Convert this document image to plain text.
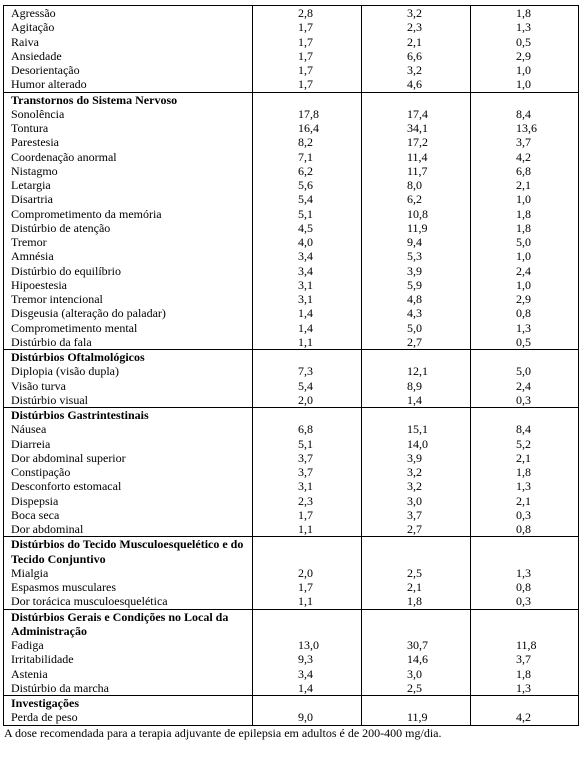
Agressão	2,8	3,2	1,8
Agitação	1,7	2,3	1,3
Raiva	1,7	2,1	0,5
Ansiedade	1,7	6,6	2,9
Desorientação	1,7	3,2	1,0
Humor alterado	1,7	4,6	1,0
Transtornos do Sistema Nervoso			
Sonolência	17,8	17,4	8,4
Tontura	16,4	34,1	13,6
Parestesia	8,2	17,2	3,7
Coordenação anormal	7,1	11,4	4,2
Nistagmo	6,2	11,7	6,8
Letargia	5,6	8,0	2,1
Disartria	5,4	6,2	1,0
Comprometimento da memória	5,1	10,8	1,8
Distúrbio de atenção	4,5	11,9	1,8
Tremor	4,0	9,4	5,0
Amnésia	3,4	5,3	1,0
Distúrbio do equilíbrio	3,4	3,9	2,4
Hipoestesia	3,1	5,9	1,0
Tremor intencional	3,1	4,8	2,9
Disgeusia (alteração do paladar)	1,4	4,3	0,8
Comprometimento mental	1,4	5,0	1,3
Distúrbio da fala	1,1	2,7	0,5
Distúrbios Oftalmológicos			
Diplopia (visão dupla)	7,3	12,1	5,0
Visão turva	5,4	8,9	2,4
Distúrbio visual	2,0	1,4	0,3
Distúrbios Gastrintestinais			
Náusea	6,8	15,1	8,4
Diarreia	5,1	14,0	5,2
Dor abdominal superior	3,7	3,9	2,1
Constipação	3,7	3,2	1,8
Desconforto estomacal	3,1	3,2	1,3
Dispepsia	2,3	3,0	2,1
Boca seca	1,7	3,7	0,3
Dor abdominal	1,1	2,7	0,8
Distúrbios do Tecido Musculoesquelético e do Tecido Conjuntivo			
Mialgia	2,0	2,5	1,3
Espasmos musculares	1,7	2,1	0,8
Dor torácica musculoesquelética	1,1	1,8	0,3
Distúrbios Gerais e Condições no Local da Administração			
Fadiga	13,0	30,7	11,8
Irritabilidade	9,3	14,6	3,7
Astenia	3,4	3,0	1,8
Distúrbio da marcha	1,4	2,5	1,3
Investigações			
Perda de peso	9,0	11,9	4,2
A dose recomendada para a terapia adjuvante de epilepsia em adultos é de 200-400 mg/dia.
